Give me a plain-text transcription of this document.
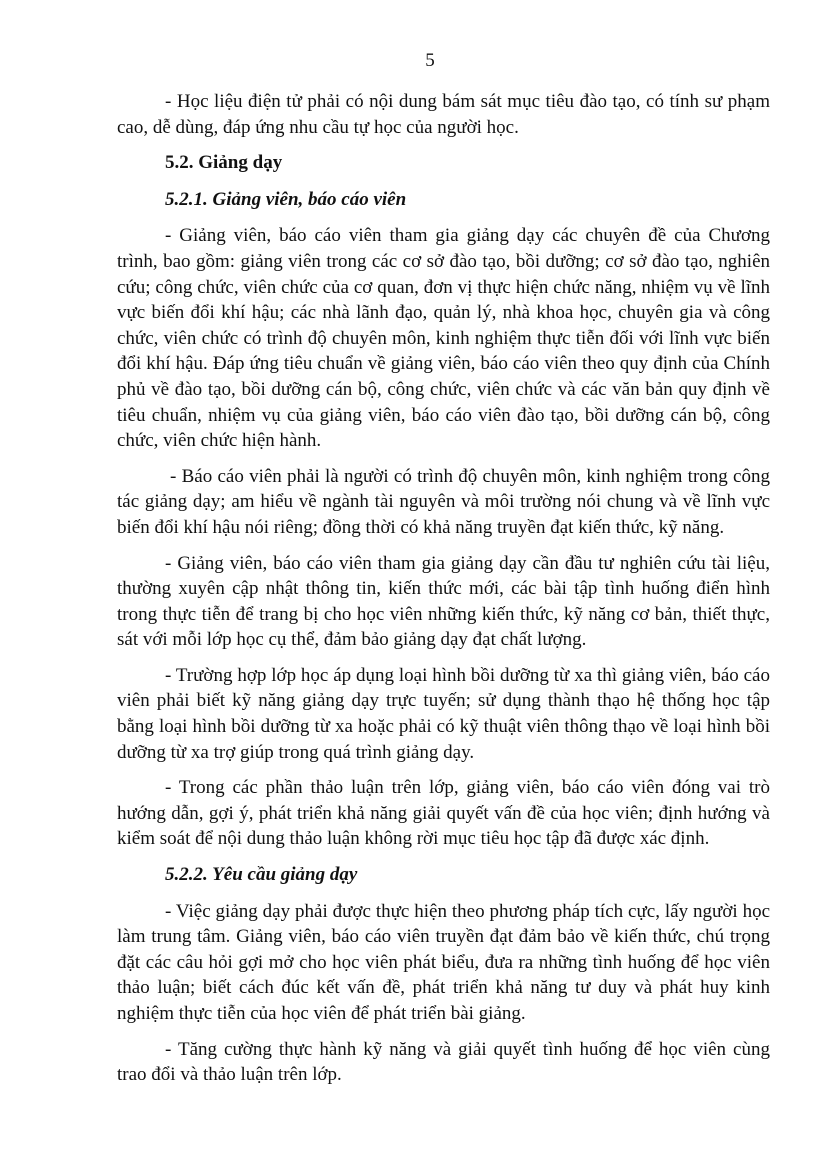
5

- Học liệu điện tử phải có nội dung bám sát mục tiêu đào tạo, có tính sư phạm cao, dễ dùng, đáp ứng nhu cầu tự học của người học.

5.2. Giảng dạy

5.2.1. Giảng viên, báo cáo viên

- Giảng viên, báo cáo viên tham gia giảng dạy các chuyên đề của Chương trình, bao gồm: giảng viên trong các cơ sở đào tạo, bồi dưỡng; cơ sở đào tạo, nghiên cứu; công chức, viên chức của cơ quan, đơn vị thực hiện chức năng, nhiệm vụ về lĩnh vực biến đổi khí hậu; các nhà lãnh đạo, quản lý, nhà khoa học, chuyên gia và công chức, viên chức có trình độ chuyên môn, kinh nghiệm thực tiễn đối với lĩnh vực biến đổi khí hậu. Đáp ứng tiêu chuẩn về giảng viên, báo cáo viên theo quy định của Chính phủ về đào tạo, bồi dưỡng cán bộ, công chức, viên chức và các văn bản quy định về tiêu chuẩn, nhiệm vụ của giảng viên, báo cáo viên đào tạo, bồi dưỡng cán bộ, công chức, viên chức hiện hành.

- Báo cáo viên phải là người có trình độ chuyên môn, kinh nghiệm trong công tác giảng dạy; am hiểu về ngành tài nguyên và môi trường nói chung và về lĩnh vực biến đổi khí hậu nói riêng; đồng thời có khả năng truyền đạt kiến thức, kỹ năng.

- Giảng viên, báo cáo viên tham gia giảng dạy cần đầu tư nghiên cứu tài liệu, thường xuyên cập nhật thông tin, kiến thức mới, các bài tập tình huống điển hình trong thực tiễn để trang bị cho học viên những kiến thức, kỹ năng cơ bản, thiết thực, sát với mỗi lớp học cụ thể, đảm bảo giảng dạy đạt chất lượng.

- Trường hợp lớp học áp dụng loại hình bồi dưỡng từ xa thì giảng viên, báo cáo viên phải biết kỹ năng giảng dạy trực tuyến; sử dụng thành thạo hệ thống học tập bằng loại hình bồi dưỡng từ xa hoặc phải có kỹ thuật viên thông thạo về loại hình bồi dưỡng từ xa trợ giúp trong quá trình giảng dạy.

- Trong các phần thảo luận trên lớp, giảng viên, báo cáo viên đóng vai trò hướng dẫn, gợi ý, phát triển khả năng giải quyết vấn đề của học viên; định hướng và kiểm soát để nội dung thảo luận không rời mục tiêu học tập đã được xác định.

5.2.2. Yêu cầu giảng dạy

- Việc giảng dạy phải được thực hiện theo phương pháp tích cực, lấy người học làm trung tâm. Giảng viên, báo cáo viên truyền đạt đảm bảo về kiến thức, chú trọng đặt các câu hỏi gợi mở cho học viên phát biểu, đưa ra những tình huống để học viên thảo luận; biết cách đúc kết vấn đề, phát triển khả năng tư duy và phát huy kinh nghiệm thực tiễn của học viên để phát triển bài giảng.

- Tăng cường thực hành kỹ năng và giải quyết tình huống để học viên cùng trao đổi và thảo luận trên lớp.
